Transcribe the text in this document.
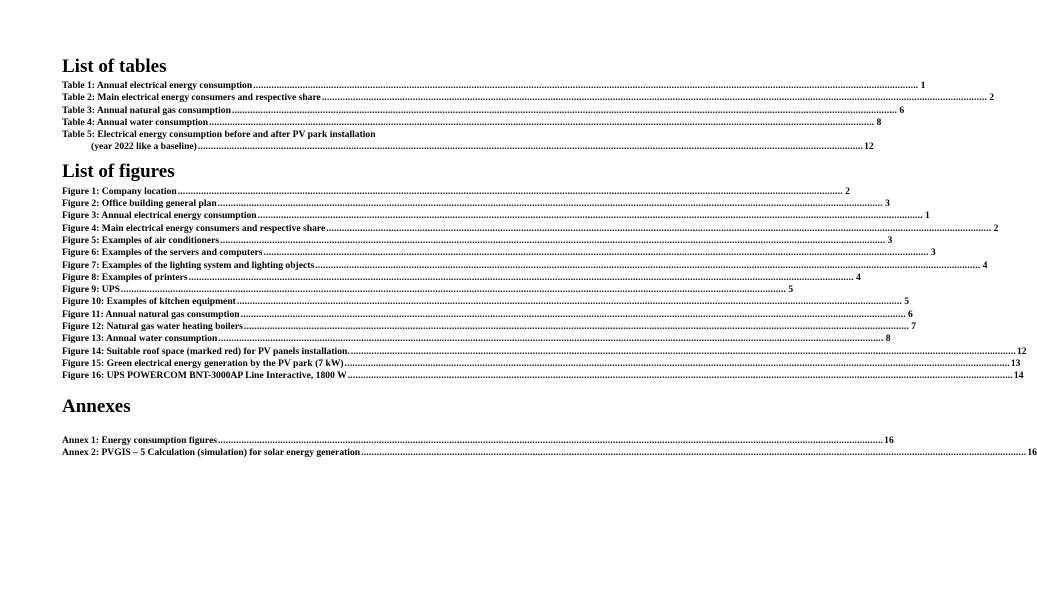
List of tables
Table 1: Annual electrical energy consumption .....	1
Table 2: Main electrical energy consumers and respective share .....	2
Table 3: Annual natural gas consumption .....	6
Table 4: Annual water consumption .....	8
Table 5: Electrical energy consumption before and after PV park installation
(year 2022 like a baseline) .....	12
List of figures
Figure 1: Company location .....	2
Figure 2: Office building general plan .....	3
Figure 3: Annual electrical energy consumption .....	1
Figure 4: Main electrical energy consumers and respective share .....	2
Figure 5: Examples of air conditioners .....	3
Figure 6: Examples of the servers and computers .....	3
Figure 7: Examples of the lighting system and lighting objects .....	4
Figure 8: Examples of printers .....	4
Figure 9: UPS .....	5
Figure 10: Examples of kitchen equipment .....	5
Figure 11: Annual natural gas consumption .....	6
Figure 12: Natural gas water heating boilers .....	7
Figure 13: Annual water consumption .....	8
Figure 14: Suitable roof space (marked red) for PV panels installation. .....	12
Figure 15: Green electrical energy generation by the PV park (7 kW) .....	13
Figure 16: UPS POWERCOM BNT-3000AP Line Interactive, 1800 W .....	14
Annexes
Annex 1: Energy consumption figures .....	16
Annex 2: PVGIS – 5 Calculation (simulation) for solar energy generation .....	16
